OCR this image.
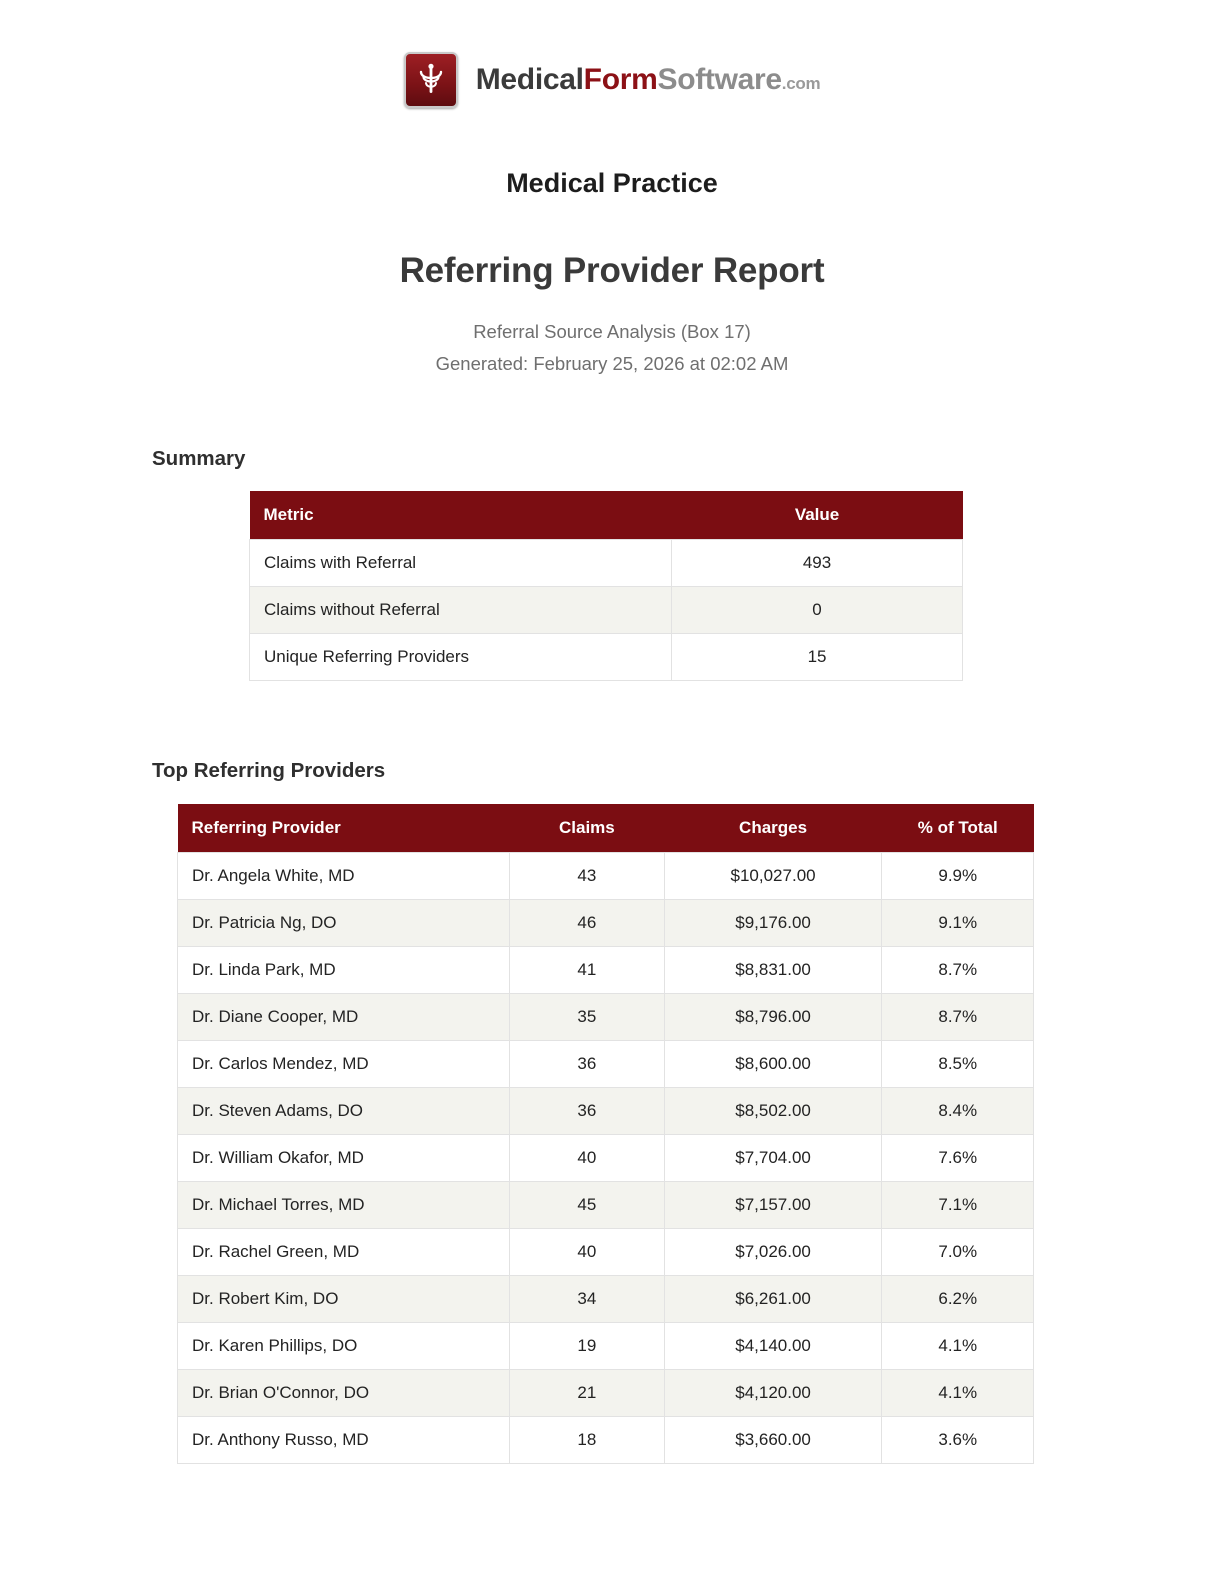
MedicalFormSoftware.com
Medical Practice
Referring Provider Report
Referral Source Analysis (Box 17)
Generated: February 25, 2026 at 02:02 AM
Summary
Metric	Value
Claims with Referral	493
Claims without Referral	0
Unique Referring Providers	15
Top Referring Providers
Referring Provider	Claims	Charges	% of Total
Dr. Angela White, MD	43	$10,027.00	9.9%
Dr. Patricia Ng, DO	46	$9,176.00	9.1%
Dr. Linda Park, MD	41	$8,831.00	8.7%
Dr. Diane Cooper, MD	35	$8,796.00	8.7%
Dr. Carlos Mendez, MD	36	$8,600.00	8.5%
Dr. Steven Adams, DO	36	$8,502.00	8.4%
Dr. William Okafor, MD	40	$7,704.00	7.6%
Dr. Michael Torres, MD	45	$7,157.00	7.1%
Dr. Rachel Green, MD	40	$7,026.00	7.0%
Dr. Robert Kim, DO	34	$6,261.00	6.2%
Dr. Karen Phillips, DO	19	$4,140.00	4.1%
Dr. Brian O'Connor, DO	21	$4,120.00	4.1%
Dr. Anthony Russo, MD	18	$3,660.00	3.6%
